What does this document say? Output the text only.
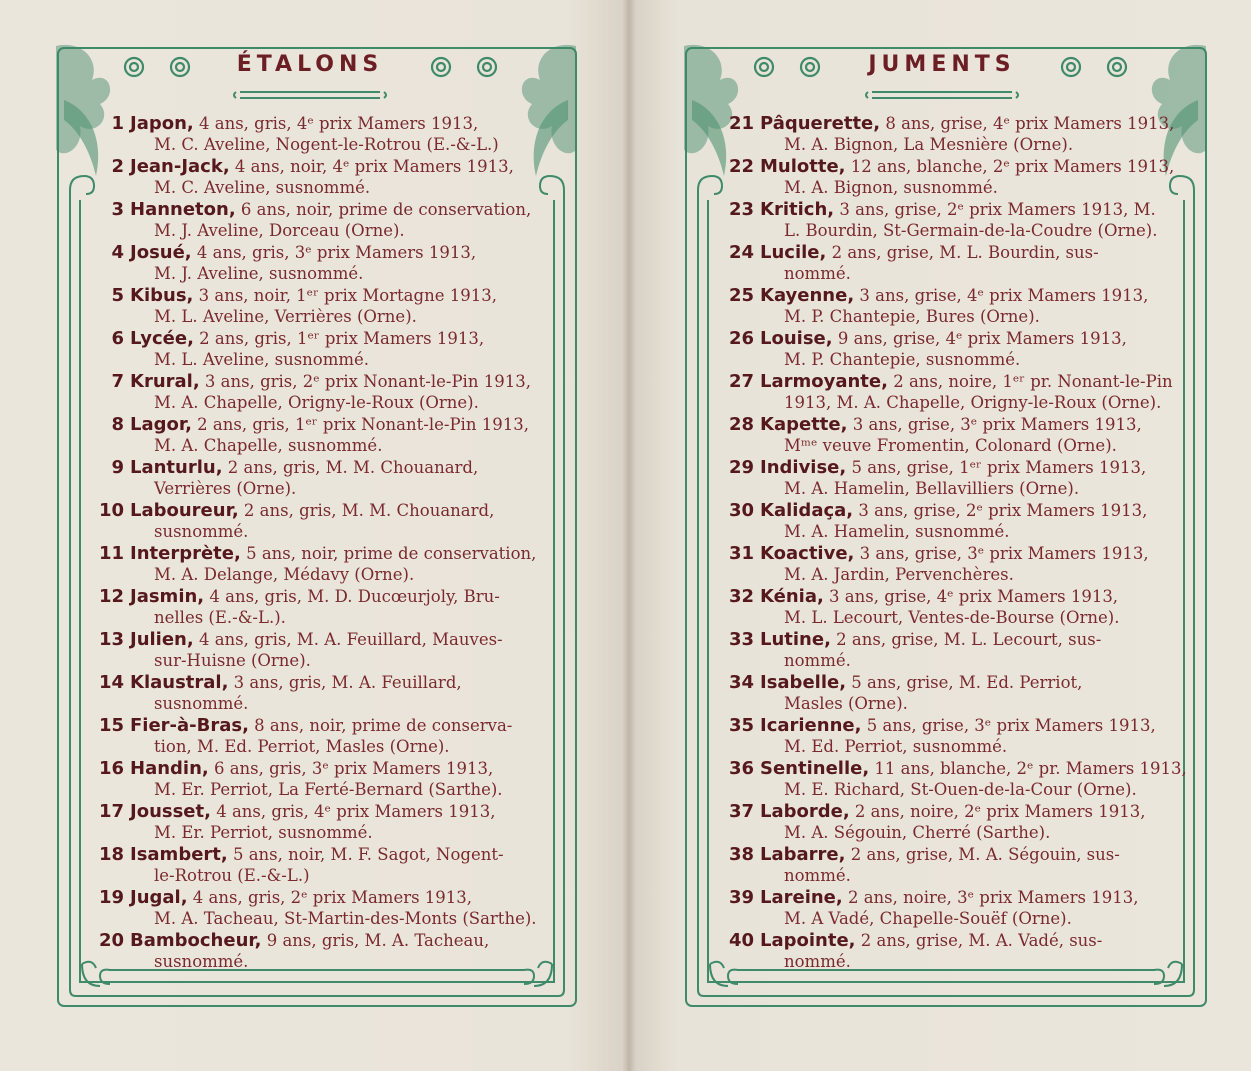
ÉTALONS	JUMENTS
1 Japon, 4 ans, gris, 4ᵉ prix Mamers 1913,
M. C. Aveline, Nogent-le-Rotrou (E.-&-L.)
2 Jean-Jack, 4 ans, noir, 4ᵉ prix Mamers 1913,
M. C. Aveline, susnommé.
3 Hanneton, 6 ans, noir, prime de conservation,
M. J. Aveline, Dorceau (Orne).
4 Josué, 4 ans, gris, 3ᵉ prix Mamers 1913,
M. J. Aveline, susnommé.
5 Kibus, 3 ans, noir, 1ᵉʳ prix Mortagne 1913,
M. L. Aveline, Verrières (Orne).
6 Lycée, 2 ans, gris, 1ᵉʳ prix Mamers 1913,
M. L. Aveline, susnommé.
7 Krural, 3 ans, gris, 2ᵉ prix Nonant-le-Pin 1913,
M. A. Chapelle, Origny-le-Roux (Orne).
8 Lagor, 2 ans, gris, 1ᵉʳ prix Nonant-le-Pin 1913,
M. A. Chapelle, susnommé.
9 Lanturlu, 2 ans, gris, M. M. Chouanard,
Verrières (Orne).
10 Laboureur, 2 ans, gris, M. M. Chouanard,
susnommé.
11 Interprète, 5 ans, noir, prime de conservation,
M. A. Delange, Médavy (Orne).
12 Jasmin, 4 ans, gris, M. D. Ducœurjoly, Bru-
nelles (E.-&-L.).
13 Julien, 4 ans, gris, M. A. Feuillard, Mauves-
sur-Huisne (Orne).
14 Klaustral, 3 ans, gris, M. A. Feuillard,
susnommé.
15 Fier-à-Bras, 8 ans, noir, prime de conserva-
tion, M. Ed. Perriot, Masles (Orne).
16 Handin, 6 ans, gris, 3ᵉ prix Mamers 1913,
M. Er. Perriot, La Ferté-Bernard (Sarthe).
17 Jousset, 4 ans, gris, 4ᵉ prix Mamers 1913,
M. Er. Perriot, susnommé.
18 Isambert, 5 ans, noir, M. F. Sagot, Nogent-
le-Rotrou (E.-&-L.)
19 Jugal, 4 ans, gris, 2ᵉ prix Mamers 1913,
M. A. Tacheau, St-Martin-des-Monts (Sarthe).
20 Bambocheur, 9 ans, gris, M. A. Tacheau,
susnommé.
21 Pâquerette, 8 ans, grise, 4ᵉ prix Mamers 1913,
M. A. Bignon, La Mesnière (Orne).
22 Mulotte, 12 ans, blanche, 2ᵉ prix Mamers 1913,
M. A. Bignon, susnommé.
23 Kritich, 3 ans, grise, 2ᵉ prix Mamers 1913, M.
L. Bourdin, St-Germain-de-la-Coudre (Orne).
24 Lucile, 2 ans, grise, M. L. Bourdin, sus-
nommé.
25 Kayenne, 3 ans, grise, 4ᵉ prix Mamers 1913,
M. P. Chantepie, Bures (Orne).
26 Louise, 9 ans, grise, 4ᵉ prix Mamers 1913,
M. P. Chantepie, susnommé.
27 Larmoyante, 2 ans, noire, 1ᵉʳ pr. Nonant-le-Pin
1913, M. A. Chapelle, Origny-le-Roux (Orne).
28 Kapette, 3 ans, grise, 3ᵉ prix Mamers 1913,
Mᵐᵉ veuve Fromentin, Colonard (Orne).
29 Indivise, 5 ans, grise, 1ᵉʳ prix Mamers 1913,
M. A. Hamelin, Bellavilliers (Orne).
30 Kalidaça, 3 ans, grise, 2ᵉ prix Mamers 1913,
M. A. Hamelin, susnommé.
31 Koactive, 3 ans, grise, 3ᵉ prix Mamers 1913,
M. A. Jardin, Pervenchères.
32 Kénia, 3 ans, grise, 4ᵉ prix Mamers 1913,
M. L. Lecourt, Ventes-de-Bourse (Orne).
33 Lutine, 2 ans, grise, M. L. Lecourt, sus-
nommé.
34 Isabelle, 5 ans, grise, M. Ed. Perriot,
Masles (Orne).
35 Icarienne, 5 ans, grise, 3ᵉ prix Mamers 1913,
M. Ed. Perriot, susnommé.
36 Sentinelle, 11 ans, blanche, 2ᵉ pr. Mamers 1913,
M. E. Richard, St-Ouen-de-la-Cour (Orne).
37 Laborde, 2 ans, noire, 2ᵉ prix Mamers 1913,
M. A. Ségouin, Cherré (Sarthe).
38 Labarre, 2 ans, grise, M. A. Ségouin, sus-
nommé.
39 Lareine, 2 ans, noire, 3ᵉ prix Mamers 1913,
M. A Vadé, Chapelle-Souëf (Orne).
40 Lapointe, 2 ans, grise, M. A. Vadé, sus-
nommé.
